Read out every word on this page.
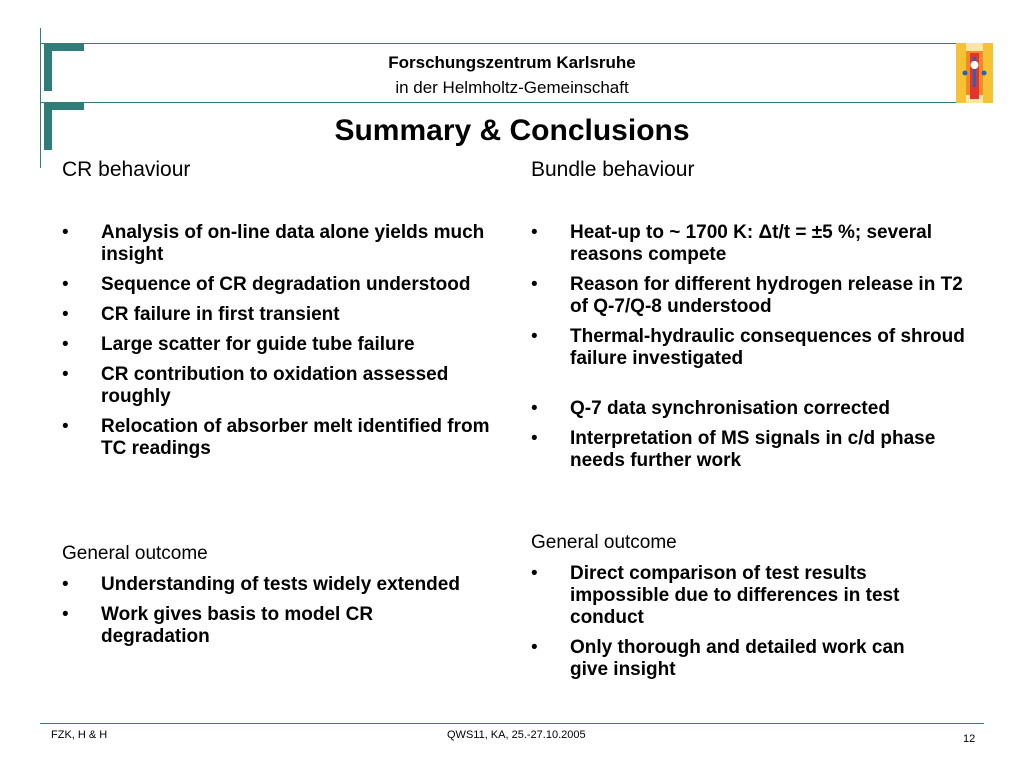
Forschungszentrum Karlsruhe
in der Helmholtz-Gemeinschaft
Summary & Conclusions
CR behaviour
• Analysis of on-line data alone yields much insight
• Sequence of CR degradation understood
• CR failure in first transient
• Large scatter for guide tube failure
• CR contribution to oxidation assessed roughly
• Relocation of absorber melt identified from TC readings
General outcome
• Understanding of tests widely extended
• Work gives basis to model CR degradation
Bundle behaviour
• Heat-up to ~ 1700 K: Δt/t = ±5 %; several reasons compete
• Reason for different hydrogen release in T2 of Q-7/Q-8 understood
• Thermal-hydraulic consequences of shroud failure investigated
• Q-7 data synchronisation corrected
• Interpretation of MS signals in c/d phase needs further work
General outcome
• Direct comparison of test results impossible due to differences in test conduct
• Only thorough and detailed work can give insight
FZK, H & H	QWS11, KA, 25.-27.10.2005	12
